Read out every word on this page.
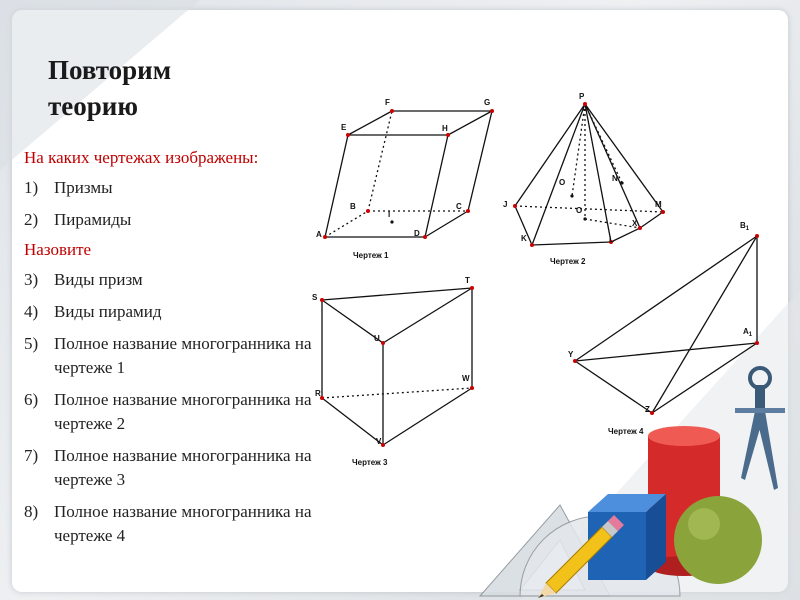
Повторим
теорию
На каких чертежах изображены:
1) Призмы
2) Пирамиды
Назовите
3) Виды призм
4) Виды пирамид
5) Полное название многогранника на чертеже 1
6) Полное название многогранника на чертеже 2
7) Полное название многогранника на чертеже 3
8) Полное название многогранника на чертеже 4
A
B	C
D
E
F	G
H
I
Чертеж 1
P
J
K	L
X
M
O
O
N
Чертеж 2
S
T
U
R
W
V
Чертеж 3
$B_1$
$A_1$
Y
Z
Чертеж 4
